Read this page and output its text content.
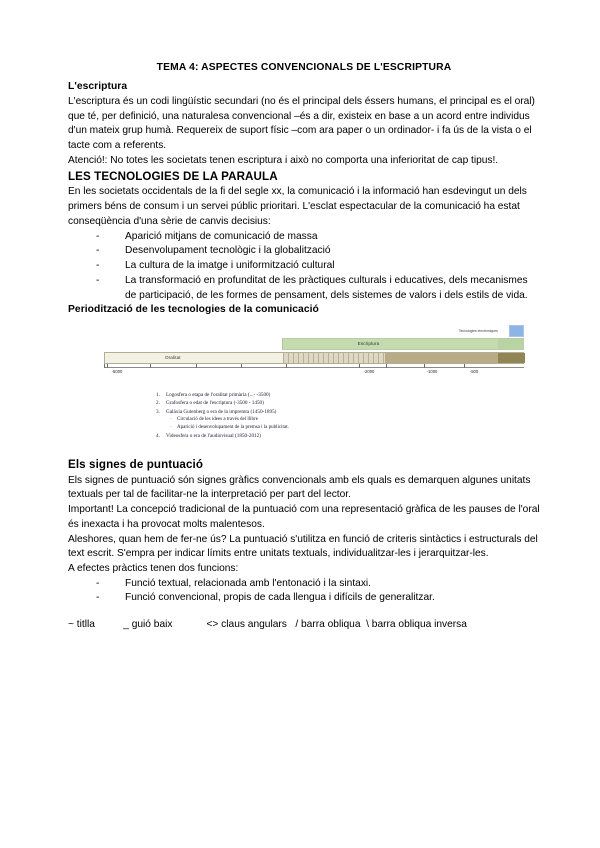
TEMA 4: ASPECTES CONVENCIONALS DE L'ESCRIPTURA
L'escriptura

L'escriptura és un codi lingüístic secundari (no és el principal dels éssers humans, el principal es el oral) que té, per definició, una naturalesa convencional –és a dir, existeix en base a un acord entre individus d'un mateix grup humà. Requereix de suport físic –com ara paper o un ordinador- i fa ús de la vista o el tacte com a referents.

Atenció!: No totes les societats tenen escriptura i això no comporta una inferioritat de cap tipus!.

LES TECNOLOGIES DE LA PARAULA

En les societats occidentals de la fi del segle xx, la comunicació i la informació han esdevingut un dels primers béns de consum i un servei públic prioritari. L'esclat espectacular de la comunicació ha estat conseqüència d'una sèrie de canvis decisius:

-	Aparició mitjans de comunicació de massa
-	Desenvolupament tecnològic i la globalització
-	La cultura de la imatge i uniformització cultural
-	La transformació en profunditat de les pràctiques culturals i educatives, dels mecanismes de participació, de les formes de pensament, dels sistemes de valors i dels estils de vida.
Periodització de les tecnologies de la comunicació
Tecnologies electròniques ·
Escriptura
Oralitat
-5000	-2000	-1000	-500
1. Logosfera o etapa de l'oralitat primària (...- -3500)
2. Grafosfera o edat de l'escriptura (-3500 - 1450)
3. Galàxia Gutenberg o era de la impremta (1450-1895)
· Circulació de les idees a través del llibre
· Aparició i desenvolupament de la premsa i la publicitat.
4. Videosfera o era de l'audiovisual (1850-2012)
Els signes de puntuació

Els signes de puntuació són signes gràfics convencionals amb els quals es demarquen algunes unitats textuals per tal de facilitar-ne la interpretació per part del lector.

Important! La concepció tradicional de la puntuació com una representació gràfica de les pauses de l'oral és inexacta i ha provocat molts malentesos.

Aleshores, quan hem de fer-ne ús? La puntuació s'utilitza en funció de criteris sintàctics i estructurals del text escrit. S'empra per indicar límits entre unitats textuals, individualitzar-les i jerarquitzar-les.

A efectes pràctics tenen dos funcions:

-	Funció textual, relacionada amb l'entonació i la sintaxi.
-	Funció convencional, propis de cada llengua i difícils de generalitzar.

~ titlla          _ guió baix            <> claus angulars   / barra obliqua  \ barra obliqua inversa
